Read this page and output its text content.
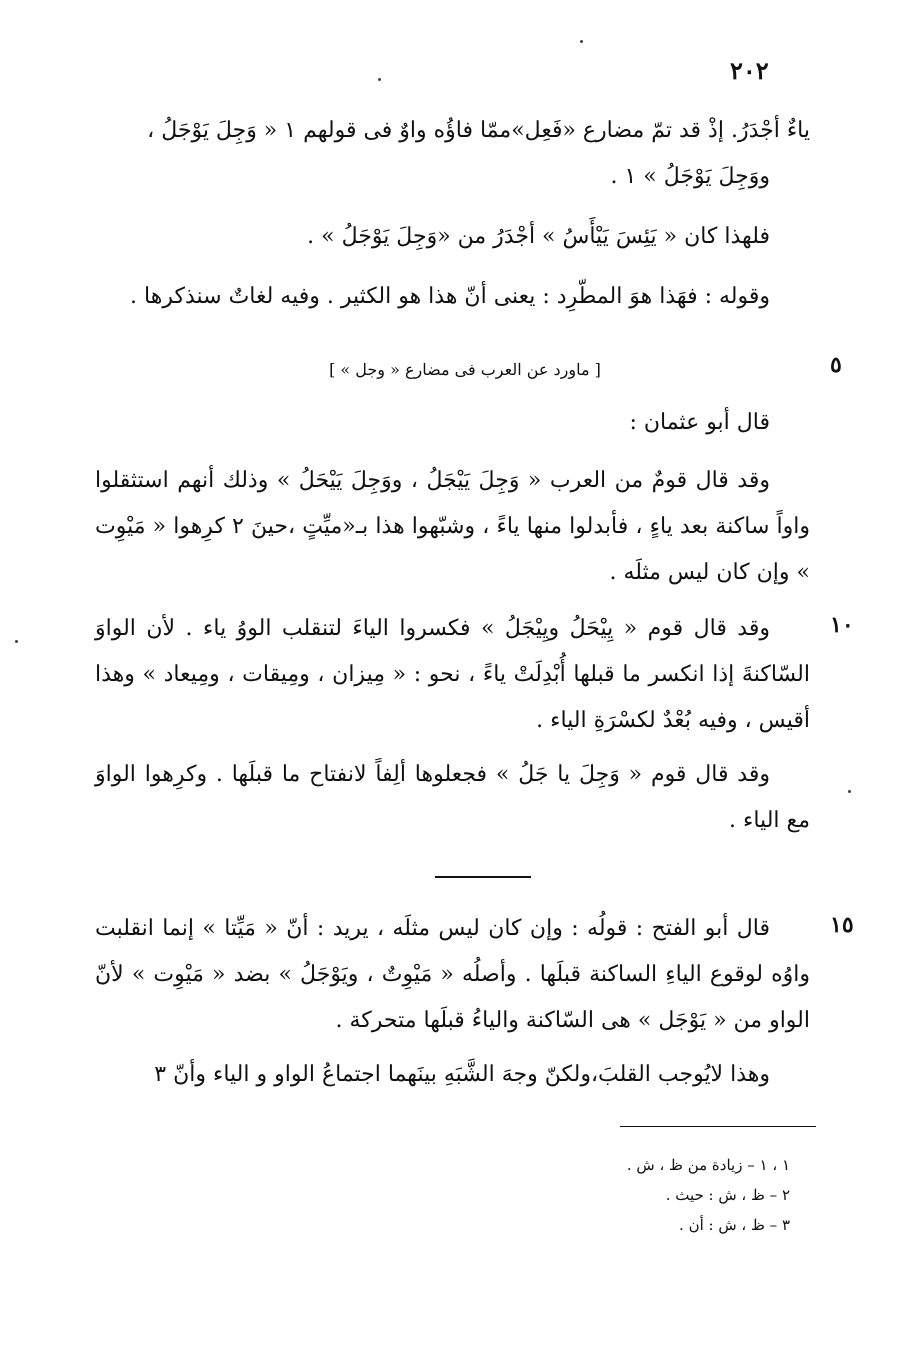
٢٠٢

ياءٌ أجْدَرُ. إذْ قد تمّ مضارع «فَعِل»ممّا فاؤُه واوٌ فى قولهم ١ « وَجِلَ يَوْجَلُ ،

ووَجِلَ يَوْجَلُ » ١ .

فلهذا كان « يَئِسَ يَيْأَسُ » أجْدَرُ من «وَجِلَ يَوْجَلُ » .

وقوله : فهَذا هوَ المطّرِد : يعنى أنّ هذا هو الكثير . وفيه لغاتٌ سنذكرها .

٥
[ ماورد عن العرب فى مضارع « وجل » ]

قال أبو عثمان :

وقد قال قومٌ من العرب « وَجِلَ يَيْجَلُ ، ووَجِلَ يَيْحَلُ » وذلك أنهم استثقلوا واواً ساكنة بعد ياءٍ ، فأبدلوا منها ياءً ، وشبّهوا هذا بـ«ميِّتٍ ،حينَ ٢ كرِهوا « مَيْوِت » وإن كان ليس مثلَه .

١٠

وقد قال قوم « يِيْحَلُ ويِيْجَلُ » فكسروا الياءَ لتنقلب الووُ ياء . لأن الواوَ السّاكنةَ إذا انكسر ما قبلها أُبْدِلَتْ ياءً ، نحو : « مِيزان ، ومِيقات ، ومِيعاد » وهذا أقيس ، وفيه بُعْدٌ لكسْرَةِ الياء .

وقد قال قوم « وَجِلَ يا جَلُ » فجعلوها ألِفاً لانفتاح ما قبلَها . وكرِهوا الواوَ مع الياء .

١٥

قال أبو الفتح : قولُه : وإن كان ليس مثلَه ، يريد : أنّ « مَيِّتا » إنما انقلبت واوُه لوقوع الياءِ الساكنة قبلَها . وأصلُه « مَيْوِتٌ ، ويَوْجَلُ » بضد « مَيْوِت » لأنّ الواو من « يَوْجَل » هى السّاكنة والياءُ قبلَها متحركة .

وهذا لايُوجب القلبَ،ولكنّ وجهَ الشَّبَهِ بينَهما اجتماعُ الواو و الياء وأنّ ٣

١ ، ١ – زيادة من ظ ، ش .
٢ – ظ ، ش : حيث .
٣ – ظ ، ش : أن .
